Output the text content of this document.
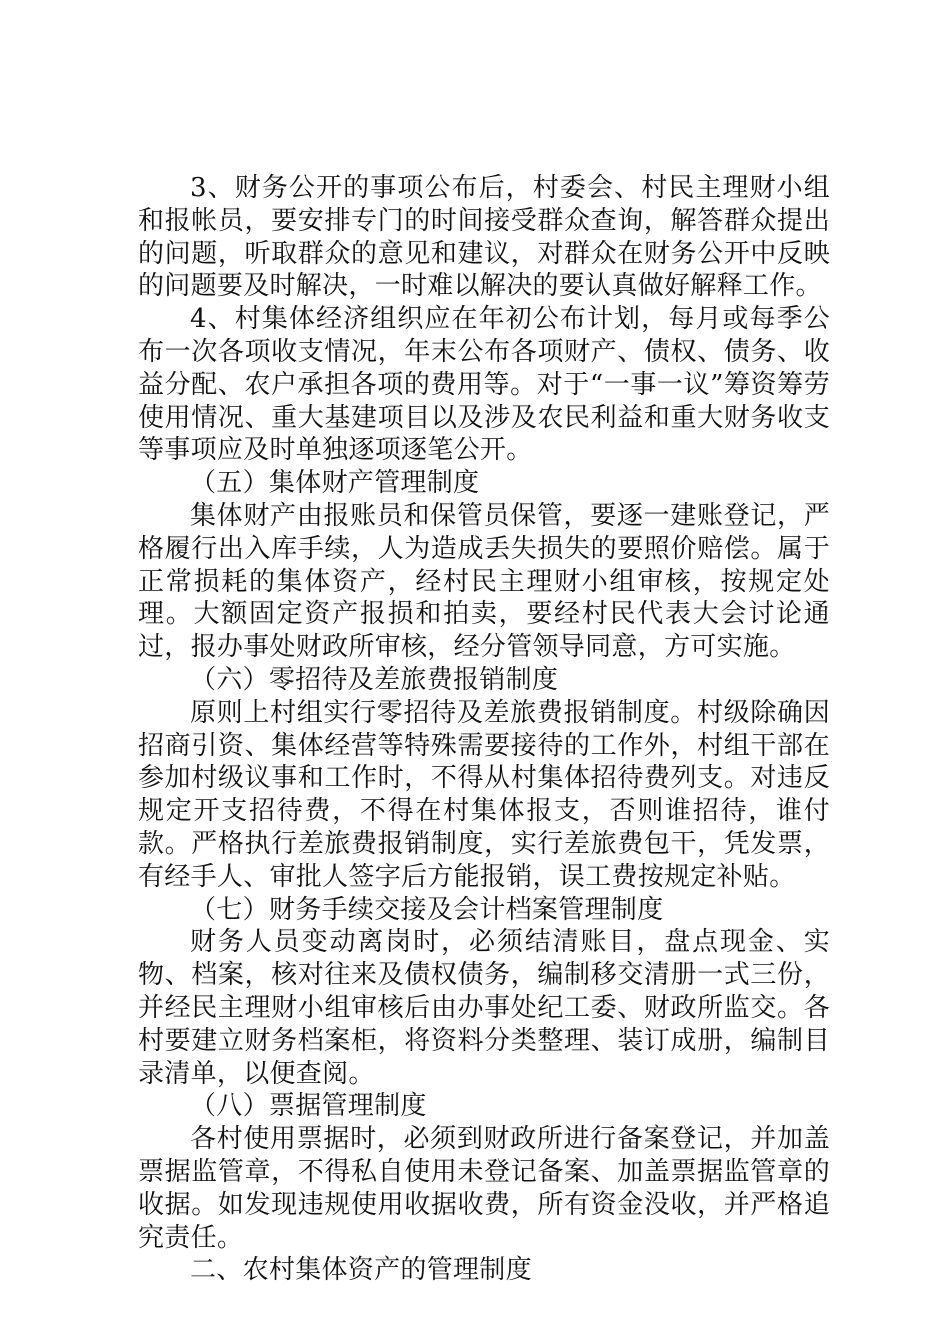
3、财务公开的事项公布后，村委会、村民主理财小组和报帐员，要安排专门的时间接受群众查询，解答群众提出的问题，听取群众的意见和建议，对群众在财务公开中反映的问题要及时解决，一时难以解决的要认真做好解释工作。

4、村集体经济组织应在年初公布计划，每月或每季公布一次各项收支情况，年末公布各项财产、债权、债务、收益分配、农户承担各项的费用等。对于“一事一议”筹资筹劳使用情况、重大基建项目以及涉及农民利益和重大财务收支等事项应及时单独逐项逐笔公开。

（五）集体财产管理制度

集体财产由报账员和保管员保管，要逐一建账登记，严格履行出入库手续，人为造成丢失损失的要照价赔偿。属于正常损耗的集体资产，经村民主理财小组审核，按规定处理。大额固定资产报损和拍卖，要经村民代表大会讨论通过，报办事处财政所审核，经分管领导同意，方可实施。

（六）零招待及差旅费报销制度

原则上村组实行零招待及差旅费报销制度。村级除确因招商引资、集体经营等特殊需要接待的工作外，村组干部在参加村级议事和工作时，不得从村集体招待费列支。对违反规定开支招待费，不得在村集体报支，否则谁招待，谁付款。严格执行差旅费报销制度，实行差旅费包干，凭发票，有经手人、审批人签字后方能报销，误工费按规定补贴。

（七）财务手续交接及会计档案管理制度

财务人员变动离岗时，必须结清账目，盘点现金、实物、档案，核对往来及债权债务，编制移交清册一式三份，并经民主理财小组审核后由办事处纪工委、财政所监交。各村要建立财务档案柜，将资料分类整理、装订成册，编制目录清单，以便查阅。

（八）票据管理制度

各村使用票据时，必须到财政所进行备案登记，并加盖票据监管章，不得私自使用未登记备案、加盖票据监管章的收据。如发现违规使用收据收费，所有资金没收，并严格追究责任。

二、农村集体资产的管理制度
